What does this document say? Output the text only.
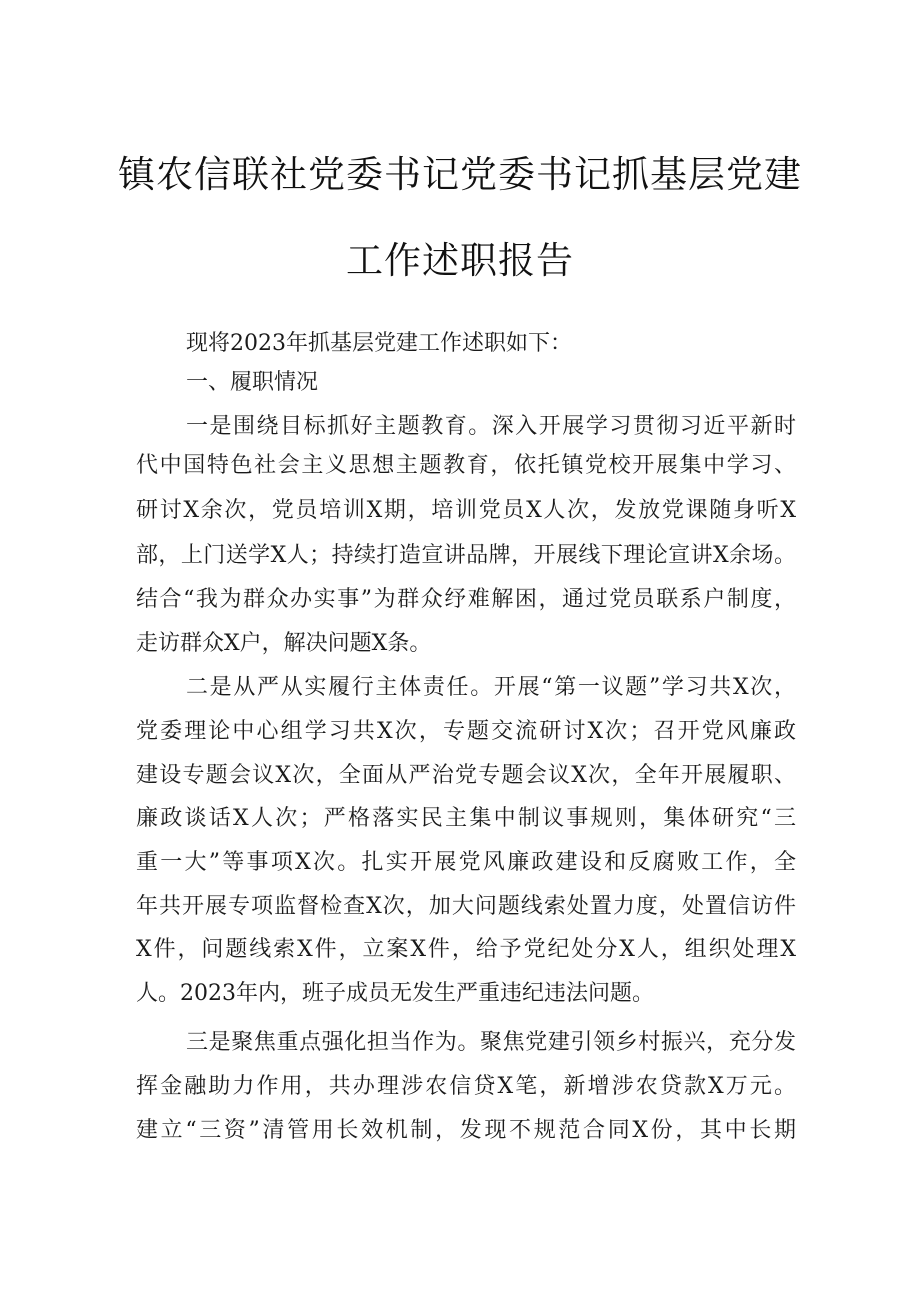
镇农信联社党委书记党委书记抓基层党建
工作述职报告
现将2023年抓基层党建工作述职如下：
一、履职情况
一是围绕目标抓好主题教育。深入开展学习贯彻习近平新时
代中国特色社会主义思想主题教育，依托镇党校开展集中学习、
研讨X余次，党员培训X期，培训党员X人次，发放党课随身听X
部，上门送学X人；持续打造宣讲品牌，开展线下理论宣讲X余场。
结合“我为群众办实事”为群众纾难解困，通过党员联系户制度，
走访群众X户，解决问题X条。
二是从严从实履行主体责任。开展“第一议题”学习共X次，
党委理论中心组学习共X次，专题交流研讨X次；召开党风廉政
建设专题会议X次，全面从严治党专题会议X次，全年开展履职、
廉政谈话X人次；严格落实民主集中制议事规则，集体研究“三
重一大”等事项X次。扎实开展党风廉政建设和反腐败工作，全
年共开展专项监督检查X次，加大问题线索处置力度，处置信访件
X件，问题线索X件，立案X件，给予党纪处分X人，组织处理X
人。2023年内，班子成员无发生严重违纪违法问题。
三是聚焦重点强化担当作为。聚焦党建引领乡村振兴，充分发
挥金融助力作用，共办理涉农信贷X笔，新增涉农贷款X万元。
建立“三资”清管用长效机制，发现不规范合同X份，其中长期
